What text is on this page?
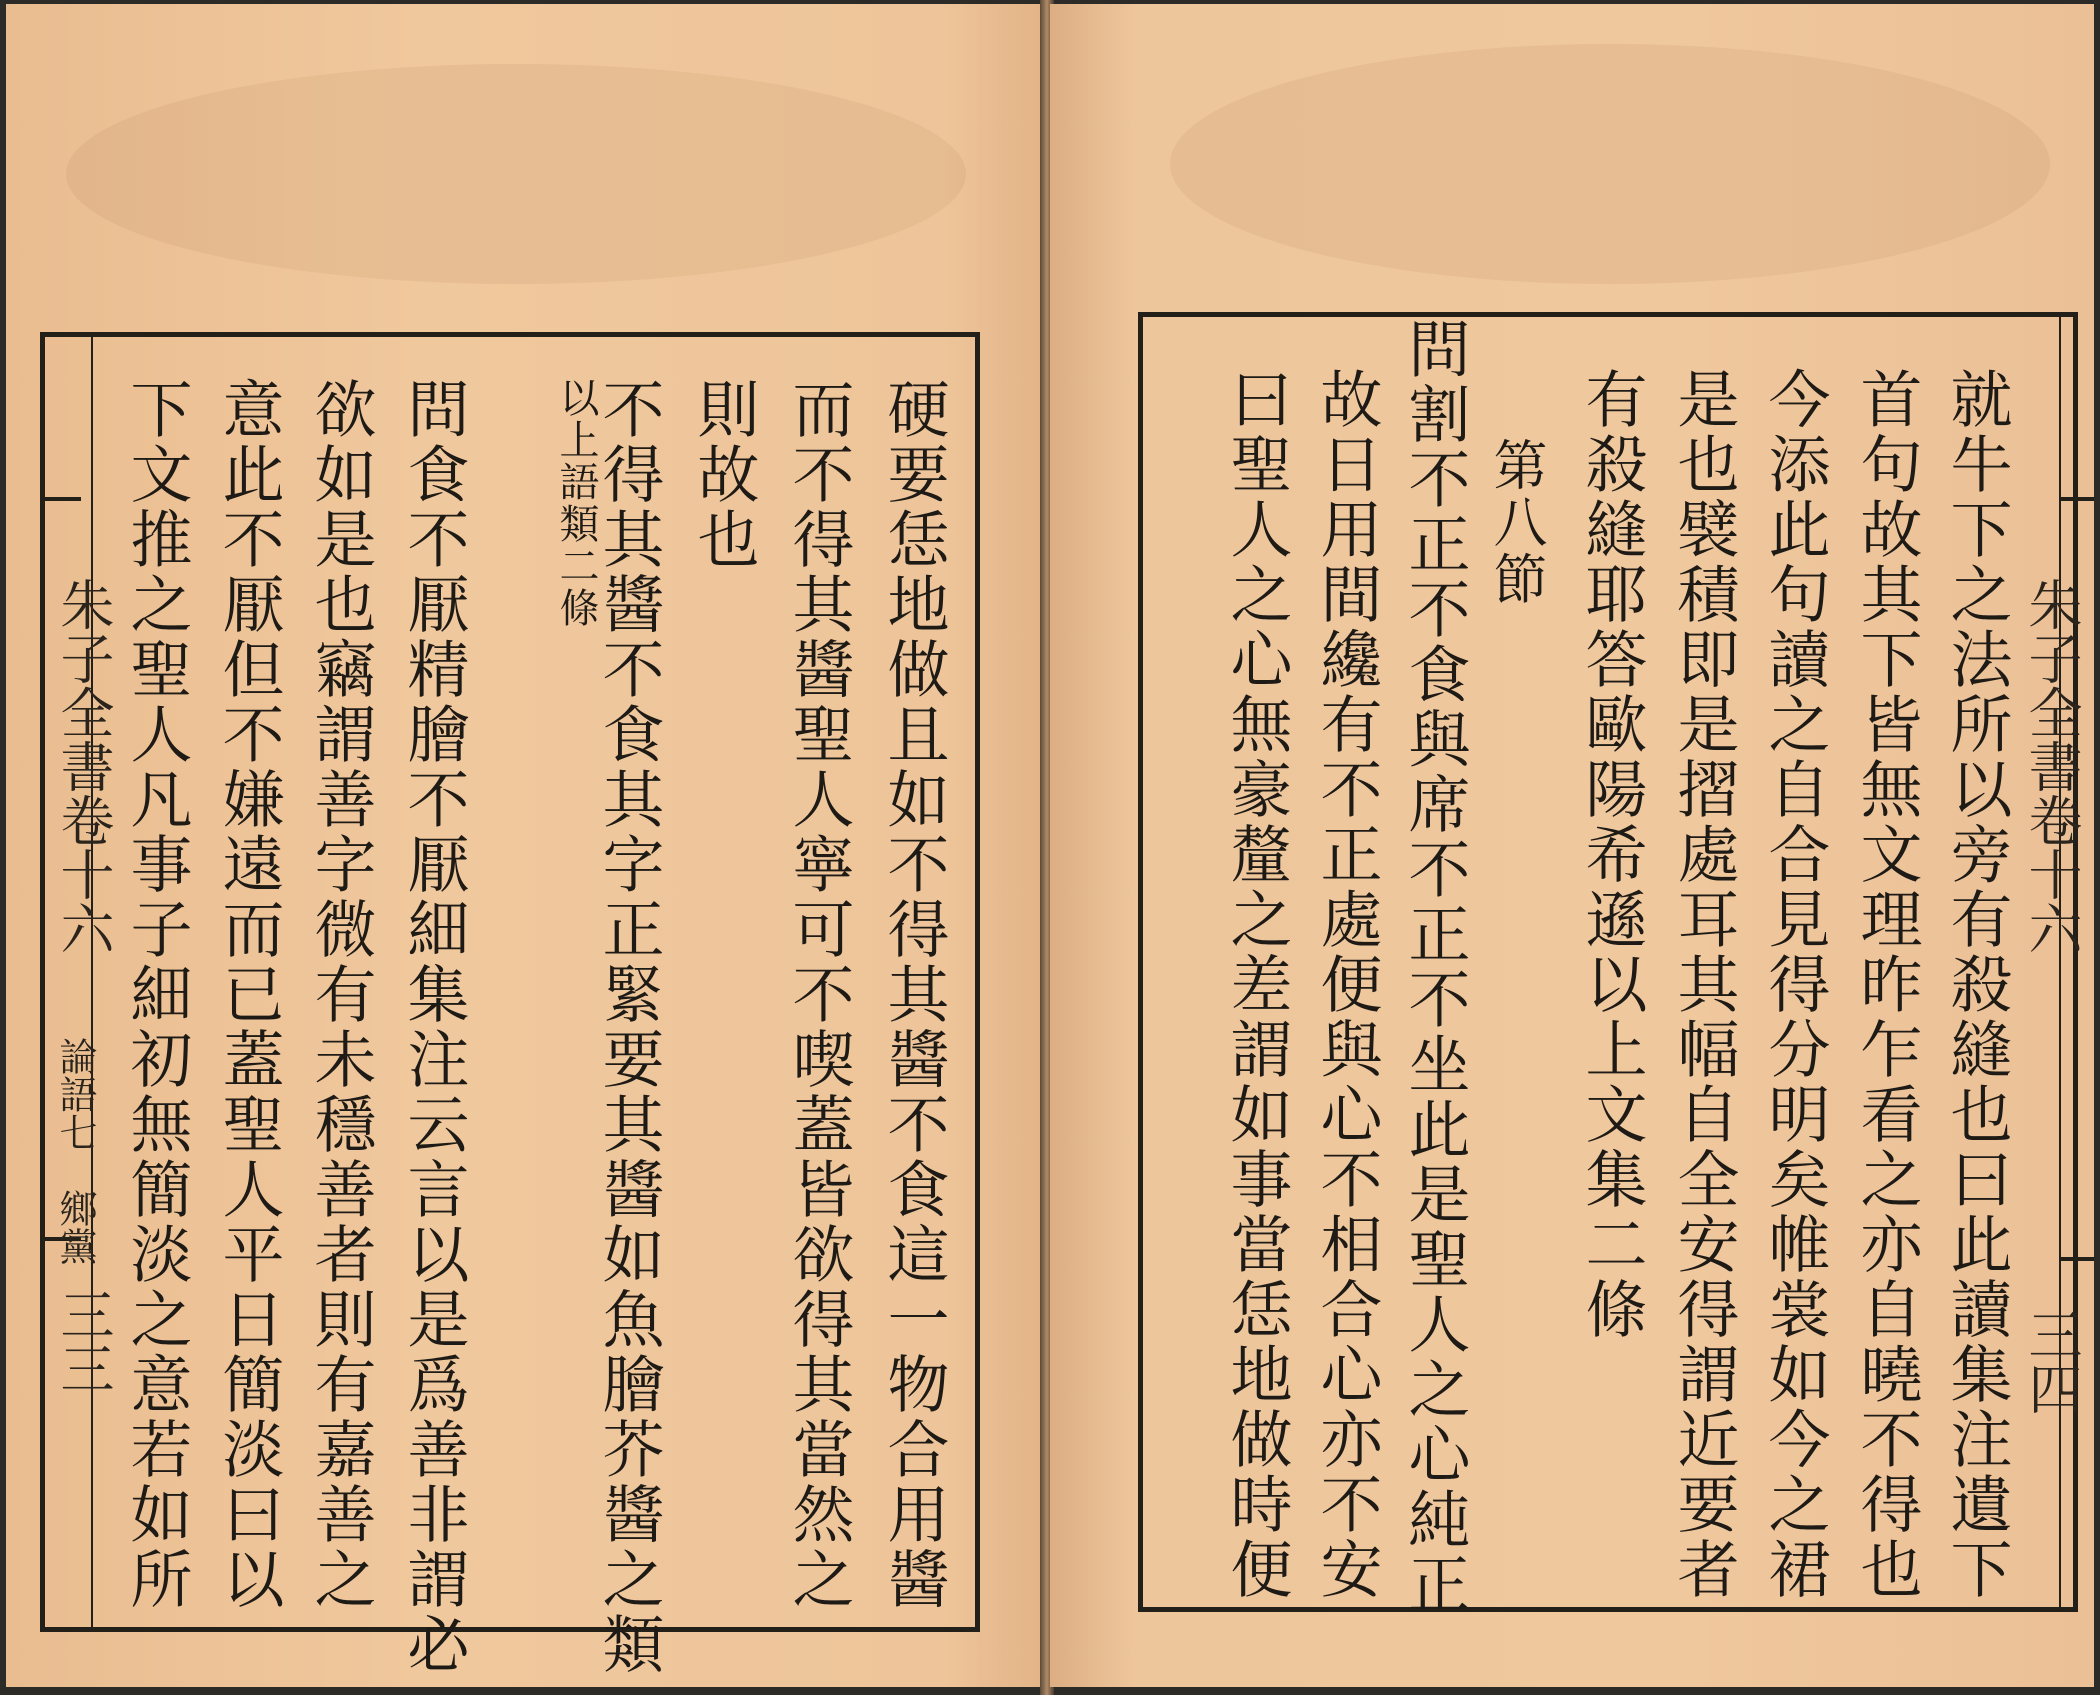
朱子全書卷十六
論語七　鄉黨
三三	硬要恁地做且如不得其醬不食這一物合用醬
而不得其醬聖人寧可不喫蓋皆欲得其當然之
則故也
不得其醬不食其字正緊要其醬如魚膾芥醬之類
以上語類二條
問食不厭精膾不厭細集注云言以是爲善非謂必
欲如是也竊謂善字微有未穩善者則有嘉善之
意此不厭但不嫌遠而已蓋聖人平日簡淡曰以
下文推之聖人凡事子細初無簡淡之意若如所	朱子全書卷十六
三四
就牛下之法所以旁有殺縫也曰此讀集注遺下
首句故其下皆無文理昨乍看之亦自曉不得也
今添此句讀之自合見得分明矣帷裳如今之裙
是也襞積即是摺處耳其幅自全安得謂近要者
有殺縫耶答歐陽希遜以上文集二條
第八節
問割不正不食與席不正不坐此是聖人之心純正
故日用間纔有不正處便與心不相合心亦不安
曰聖人之心無豪釐之差謂如事當恁地做時便
